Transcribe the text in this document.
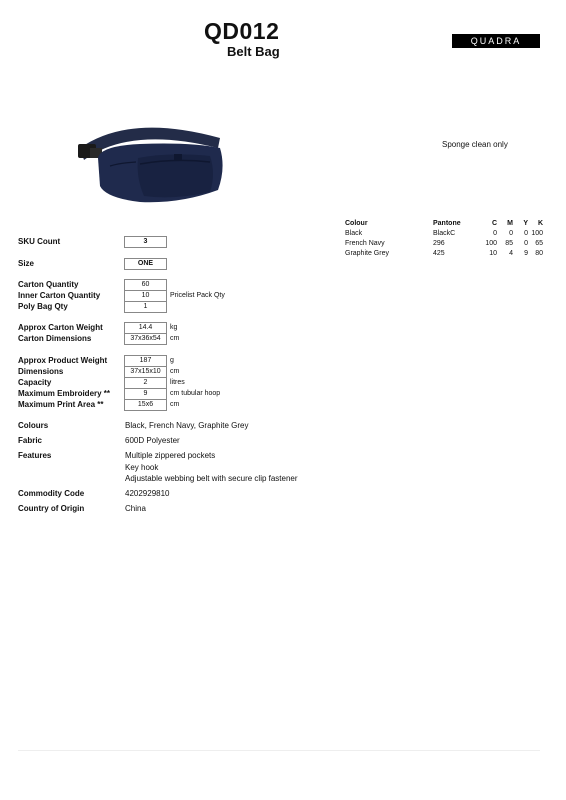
QD012
Belt Bag
QUADRA
Sponge clean only
Colour	Pantone	C	M	Y	K
Black	BlackC	0	0	0 100
French Navy	296	100	85	0	65
Graphite Grey	425	10	4	9	80
SKU Count	3
Size	ONE
Carton Quantity	60
Inner Carton Quantity	10	Pricelist Pack Qty
Poly Bag Qty	1
Approx Carton Weight	14.4	kg
Carton Dimensions	37x36x54	cm
Approx Product Weight	187	g
Dimensions	37x15x10	cm
Capacity	2	litres
Maximum Embroidery **	9	cm tubular hoop
Maximum Print Area **	15x6	cm
Colours	Black, French Navy, Graphite Grey
Fabric	600D Polyester
Features	Multiple zippered pockets
Key hook
Adjustable webbing belt with secure clip fastener
Commodity Code	4202929810
Country of Origin	China
